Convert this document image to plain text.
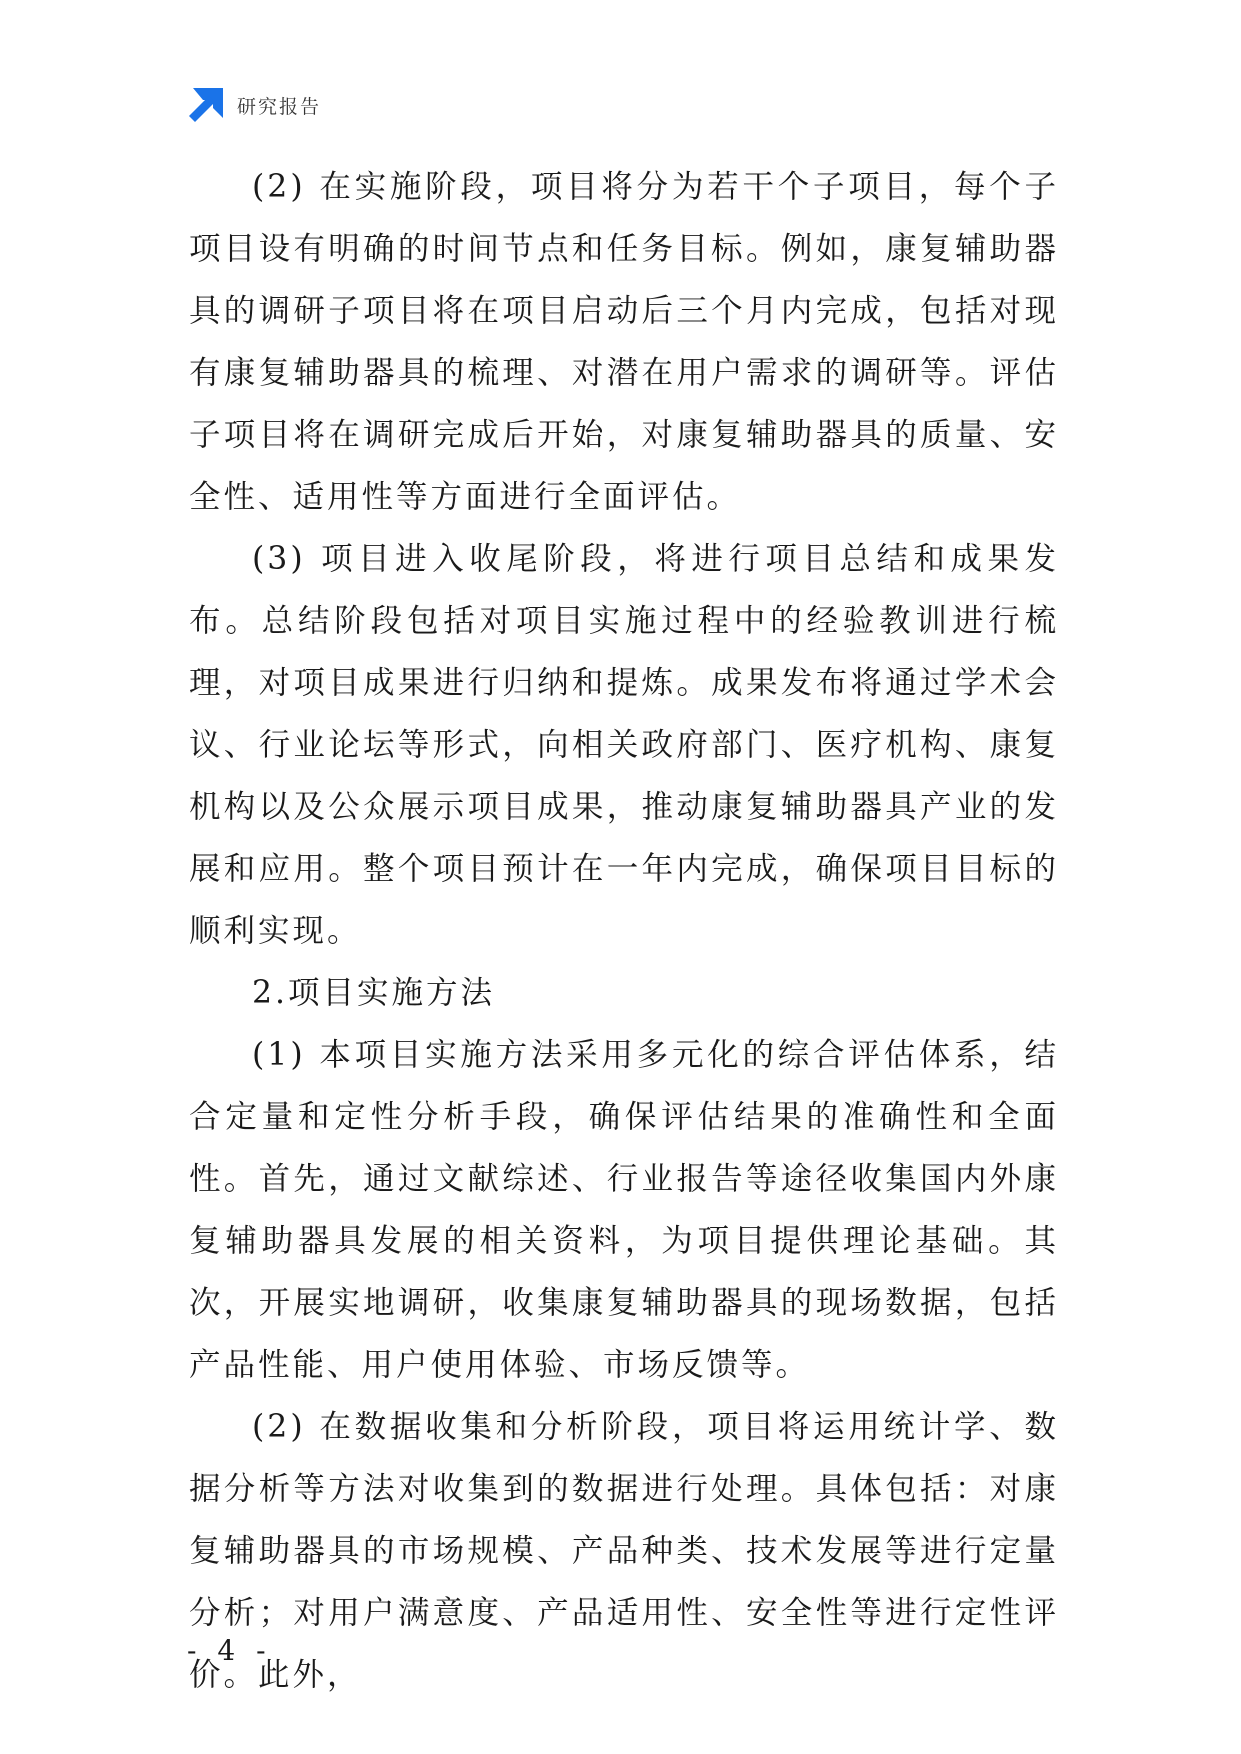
研究报告

(2) 在实施阶段，项目将分为若干个子项目，每个子项目设有明确的时间节点和任务目标。例如，康复辅助器具的调研子项目将在项目启动后三个月内完成，包括对现有康复辅助器具的梳理、对潜在用户需求的调研等。评估子项目将在调研完成后开始，对康复辅助器具的质量、安全性、适用性等方面进行全面评估。

(3) 项目进入收尾阶段，将进行项目总结和成果发布。总结阶段包括对项目实施过程中的经验教训进行梳理，对项目成果进行归纳和提炼。成果发布将通过学术会议、行业论坛等形式，向相关政府部门、医疗机构、康复机构以及公众展示项目成果，推动康复辅助器具产业的发展和应用。整个项目预计在一年内完成，确保项目目标的顺利实现。

2.项目实施方法

(1) 本项目实施方法采用多元化的综合评估体系，结合定量和定性分析手段，确保评估结果的准确性和全面性。首先，通过文献综述、行业报告等途径收集国内外康复辅助器具发展的相关资料，为项目提供理论基础。其次，开展实地调研，收集康复辅助器具的现场数据，包括产品性能、用户使用体验、市场反馈等。

(2) 在数据收集和分析阶段，项目将运用统计学、数据分析等方法对收集到的数据进行处理。具体包括：对康复辅助器具的市场规模、产品种类、技术发展等进行定量分析；对用户满意度、产品适用性、安全性等进行定性评价。此外，

- 4 -
